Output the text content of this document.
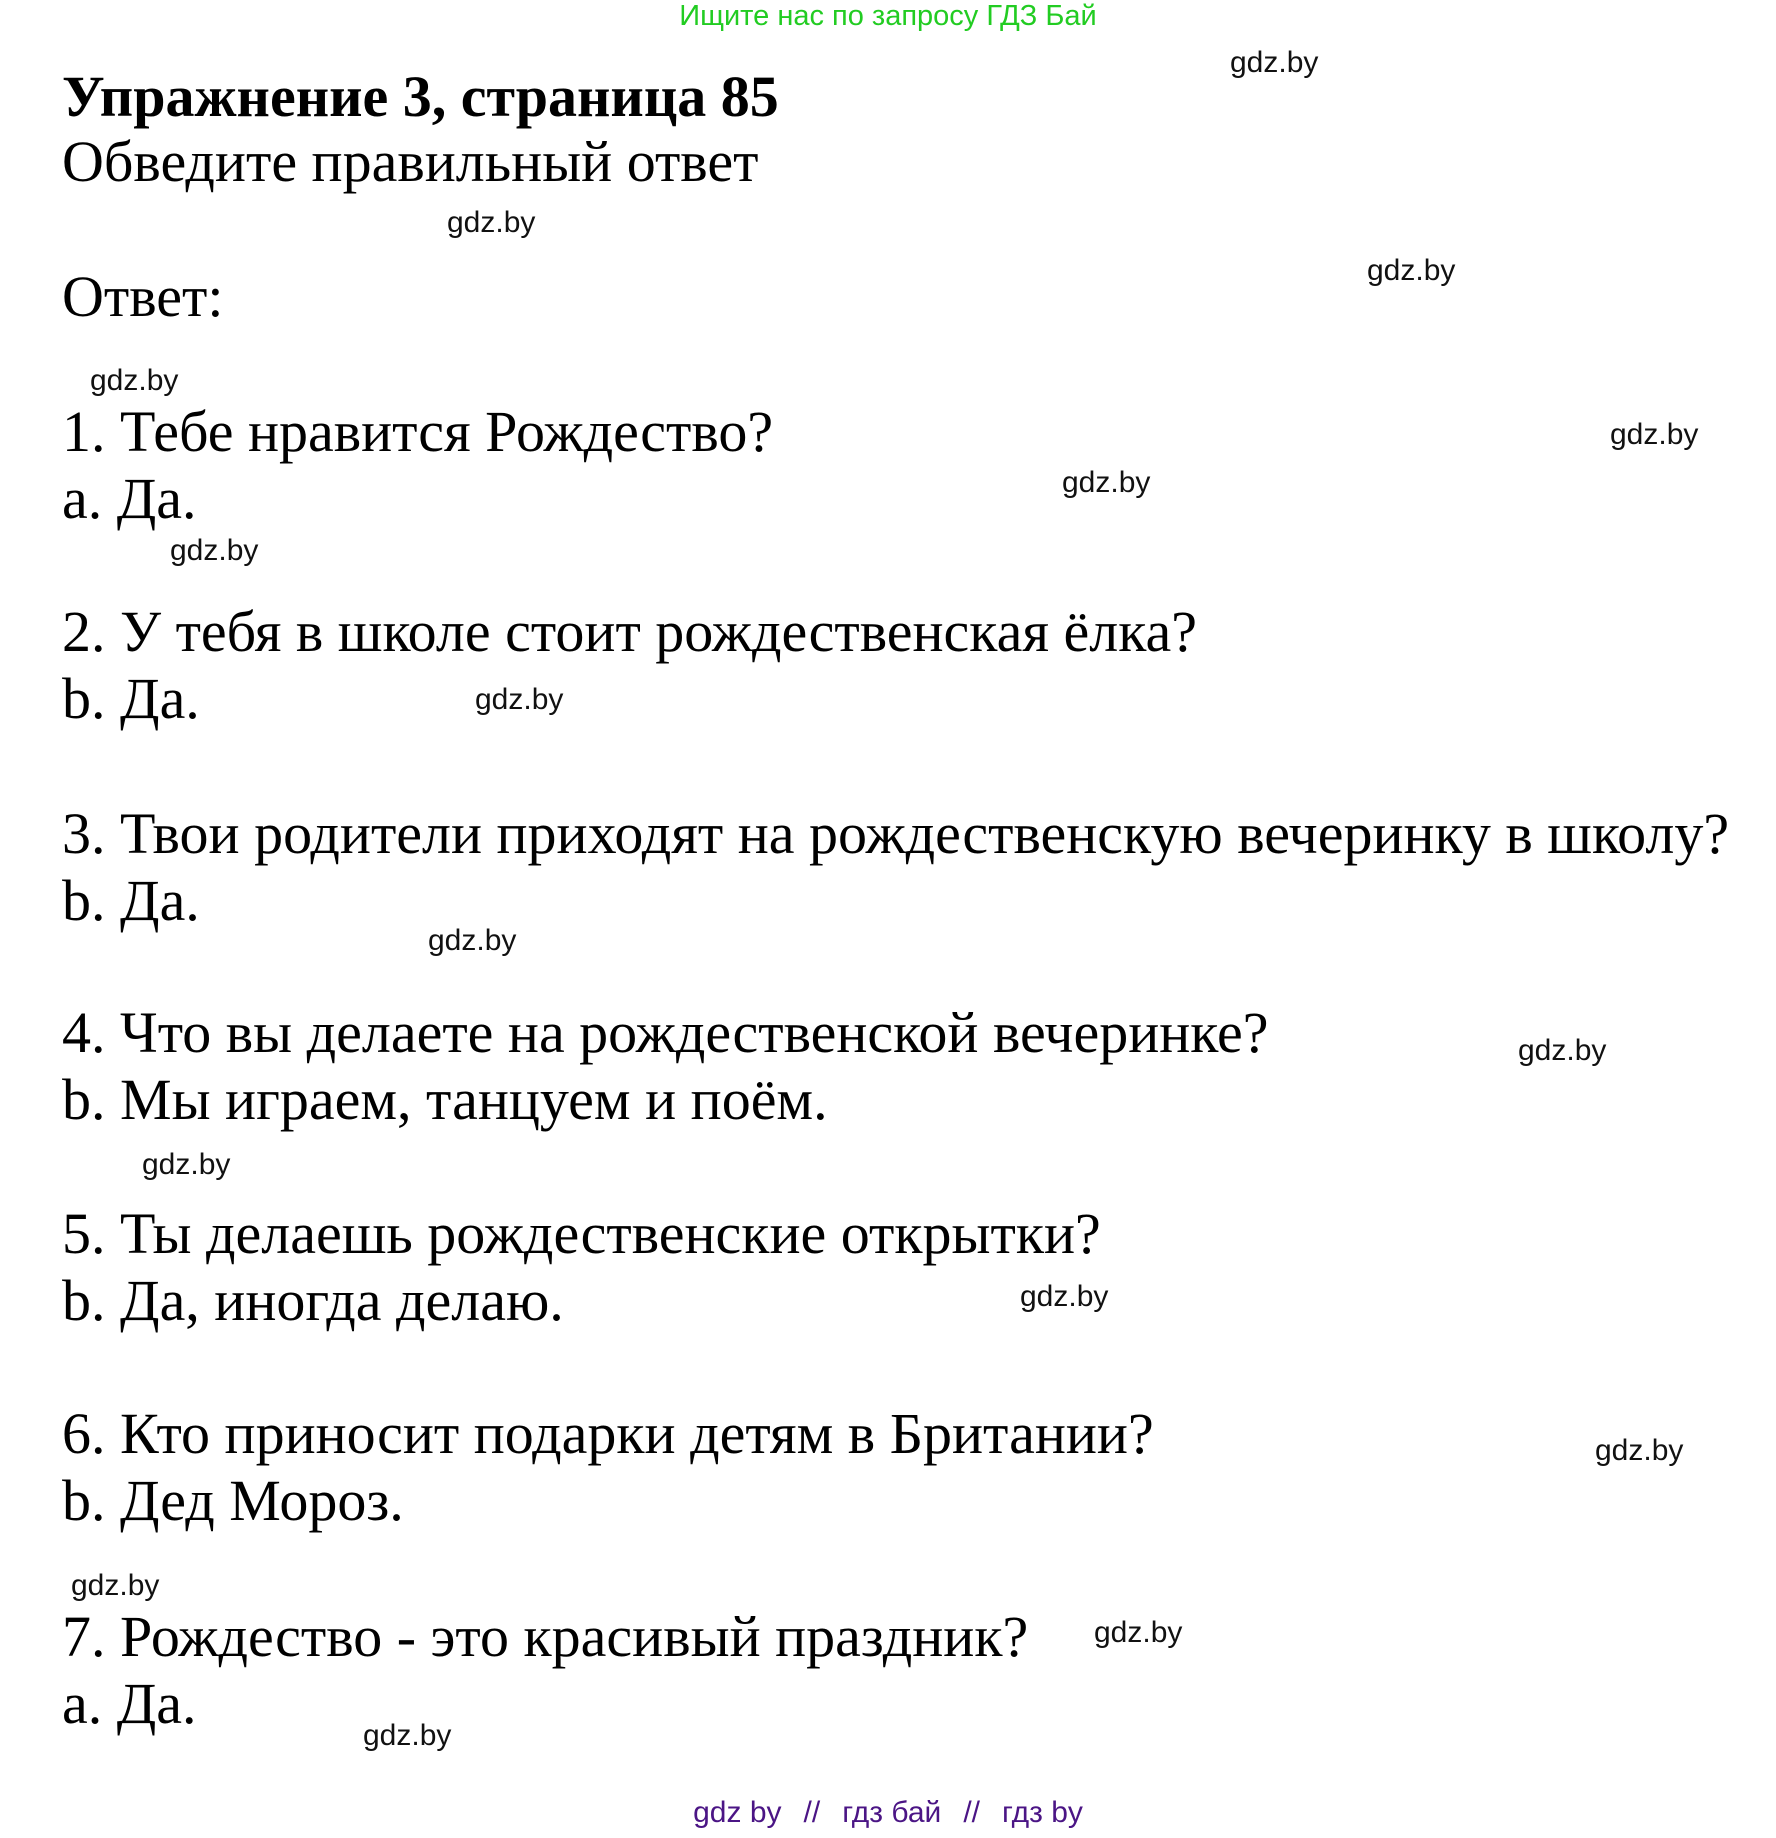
Ищите нас по запросу ГДЗ Бай
Упражнение 3, страница 85
Обведите правильный ответ
Ответ:
1. Тебе нравится Рождество?
a. Да.
2. У тебя в школе стоит рождественская ёлка?
b. Да.
3. Твои родители приходят на рождественскую вечеринку в школу?
b. Да.
4. Что вы делаете на рождественской вечеринке?
b. Мы играем, танцуем и поём.
5. Ты делаешь рождественские открытки?
b. Да, иногда делаю.
6. Кто приносит подарки детям в Британии?
b. Дед Мороз.
7. Рождество - это красивый праздник?
a. Да.
gdz.by
gdz.by
gdz.by
gdz.by
gdz.by
gdz.by
gdz.by
gdz.by
gdz.by
gdz.by
gdz.by
gdz.by
gdz.by
gdz.by
gdz.by
gdz.by
gdz by // гдз бай // гдз by
